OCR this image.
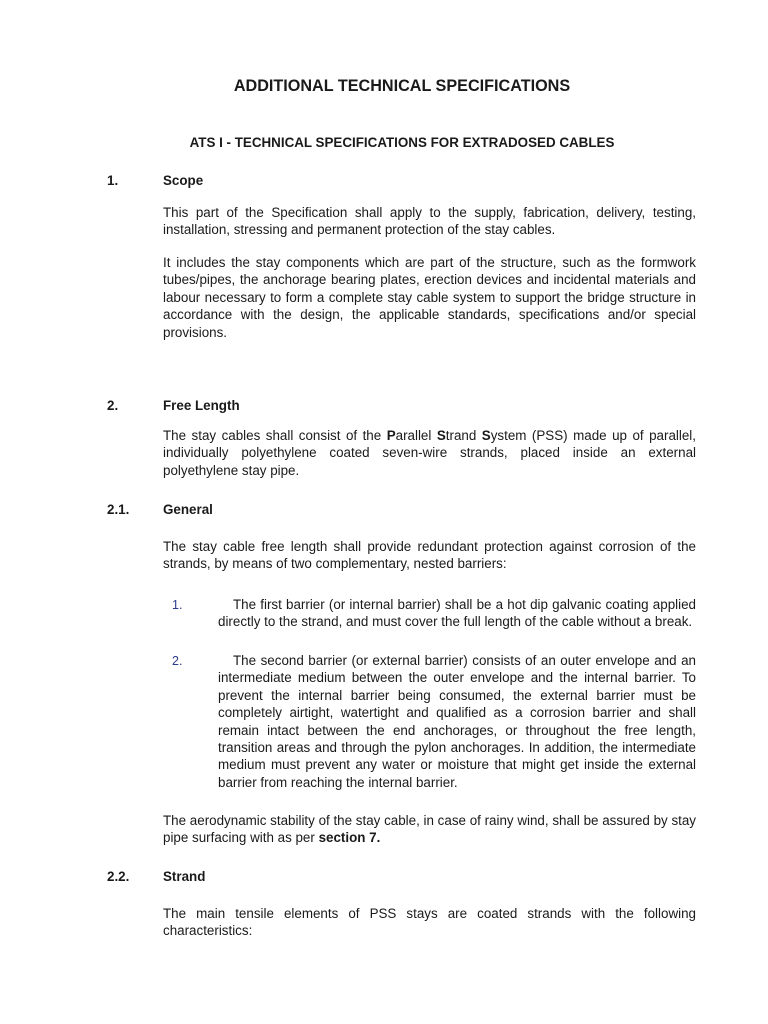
ADDITIONAL TECHNICAL SPECIFICATIONS
ATS I - TECHNICAL SPECIFICATIONS FOR EXTRADOSED CABLES
1.	Scope

This part of the Specification shall apply to the supply, fabrication, delivery, testing, installation, stressing and permanent protection of the stay cables.

It includes the stay components which are part of the structure, such as the formwork tubes/pipes, the anchorage bearing plates, erection devices and incidental materials and labour necessary to form a complete stay cable system to support the bridge structure in accordance with the design, the applicable standards, specifications and/or special provisions.

2.	Free Length

The stay cables shall consist of the Parallel Strand System (PSS) made up of parallel, individually polyethylene coated seven-wire strands, placed inside an external polyethylene stay pipe.

2.1.	General

The stay cable free length shall provide redundant protection against corrosion of the strands, by means of two complementary, nested barriers:

1.	The first barrier (or internal barrier) shall be a hot dip galvanic coating applied directly to the strand, and must cover the full length of the cable without a break.

2.	The second barrier (or external barrier) consists of an outer envelope and an intermediate medium between the outer envelope and the internal barrier. To prevent the internal barrier being consumed, the external barrier must be completely airtight, watertight and qualified as a corrosion barrier and shall remain intact between the end anchorages, or throughout the free length, transition areas and through the pylon anchorages. In addition, the intermediate medium must prevent any water or moisture that might get inside the external barrier from reaching the internal barrier.

The aerodynamic stability of the stay cable, in case of rainy wind, shall be assured by stay pipe surfacing with as per section 7.

2.2.	Strand

The main tensile elements of PSS stays are coated strands with the following characteristics:
